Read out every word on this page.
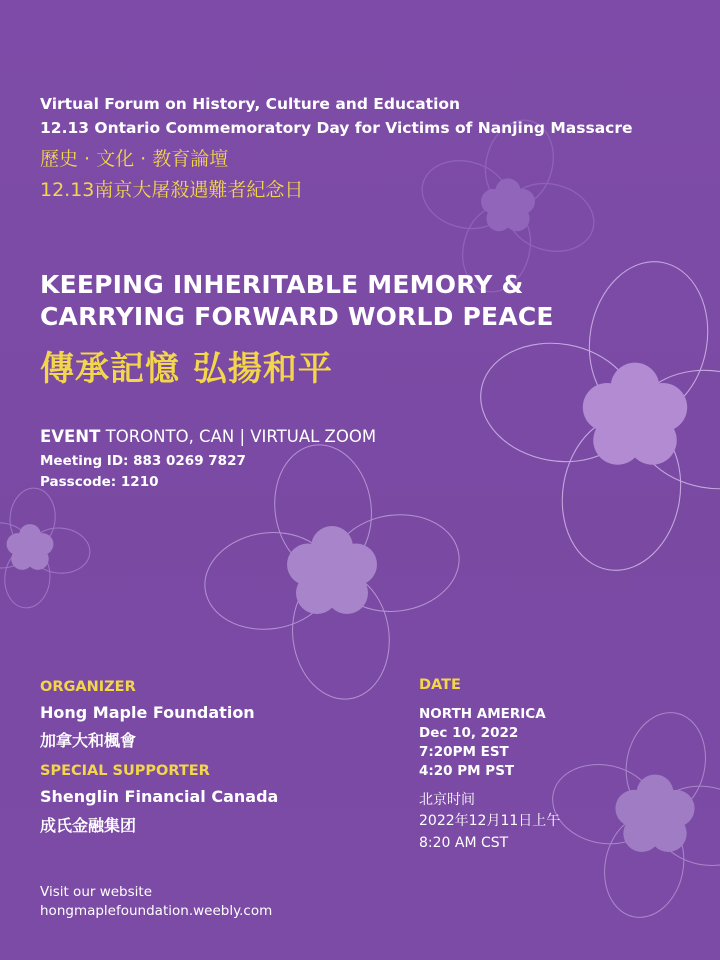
Virtual Forum on History, Culture and Education
12.13 Ontario Commemoratory Day for Victims of Nanjing Massacre
歷史 · 文化 · 教育論壇
12.13南京大屠殺遇難者紀念日
KEEPING INHERITABLE MEMORY &
CARRYING FORWARD WORLD PEACE
傳承記憶 弘揚和平
EVENT TORONTO, CAN | VIRTUAL ZOOM
Meeting ID: 883 0269 7827
Passcode: 1210
ORGANIZER
Hong Maple Foundation
加拿大和楓會
SPECIAL SUPPORTER
Shenglin Financial Canada
成氏金融集团
DATE
NORTH AMERICA
Dec 10, 2022
7:20PM EST
4:20 PM PST
北京时间
2022年12月11日上午
8:20 AM CST
Visit our website
hongmaplefoundation.weebly.com
